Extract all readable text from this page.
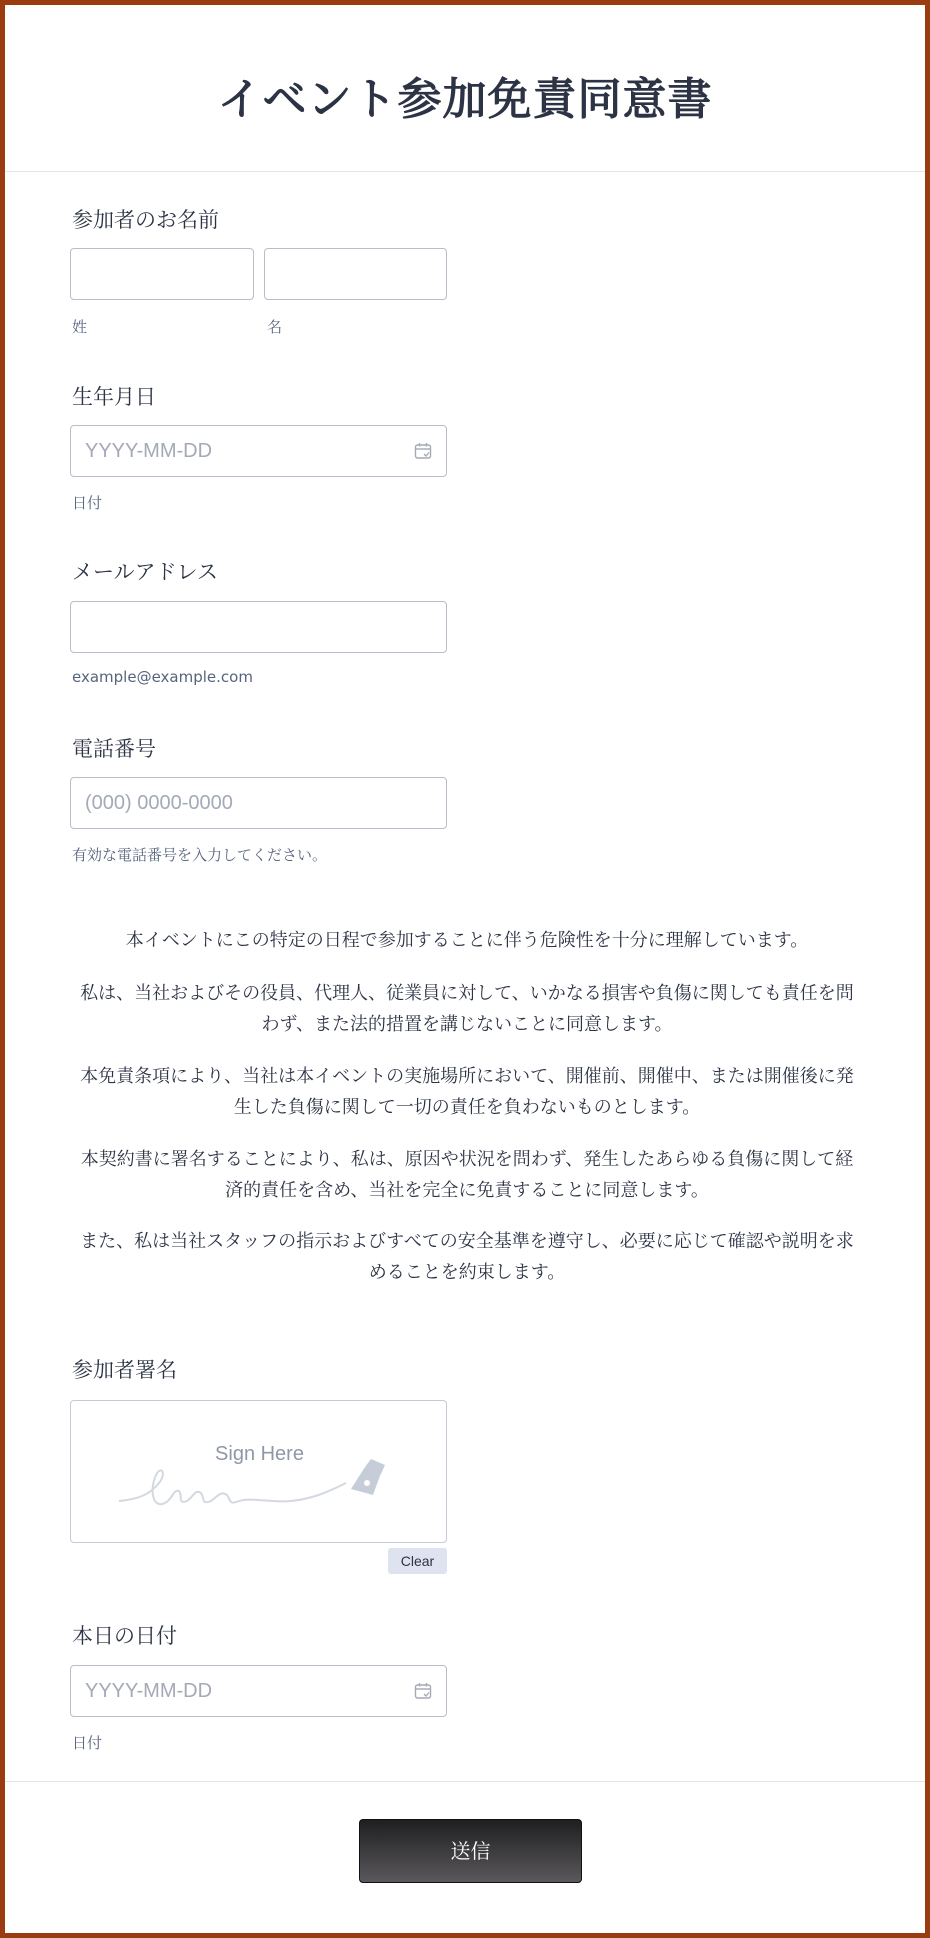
イベント参加免責同意書
参加者のお名前
姓	名
生年月日
YYYY-MM-DD
日付
メールアドレス
example@example.com
電話番号
(000) 0000-0000
有効な電話番号を入力してください。

本イベントにこの特定の日程で参加することに伴う危険性を十分に理解しています。

私は、当社およびその役員、代理人、従業員に対して、いかなる損害や負傷に関しても責任を問わず、また法的措置を講じないことに同意します。
本免責条項により、当社は本イベントの実施場所において、開催前、開催中、または開催後に発生した負傷に関して一切の責任を負わないものとします。
本契約書に署名することにより、私は、原因や状況を問わず、発生したあらゆる負傷に関して経済的責任を含め、当社を完全に免責することに同意します。
また、私は当社スタッフの指示およびすべての安全基準を遵守し、必要に応じて確認や説明を求めることを約束します。
参加者署名
Sign Here
Clear
本日の日付
YYYY-MM-DD
日付
送信
